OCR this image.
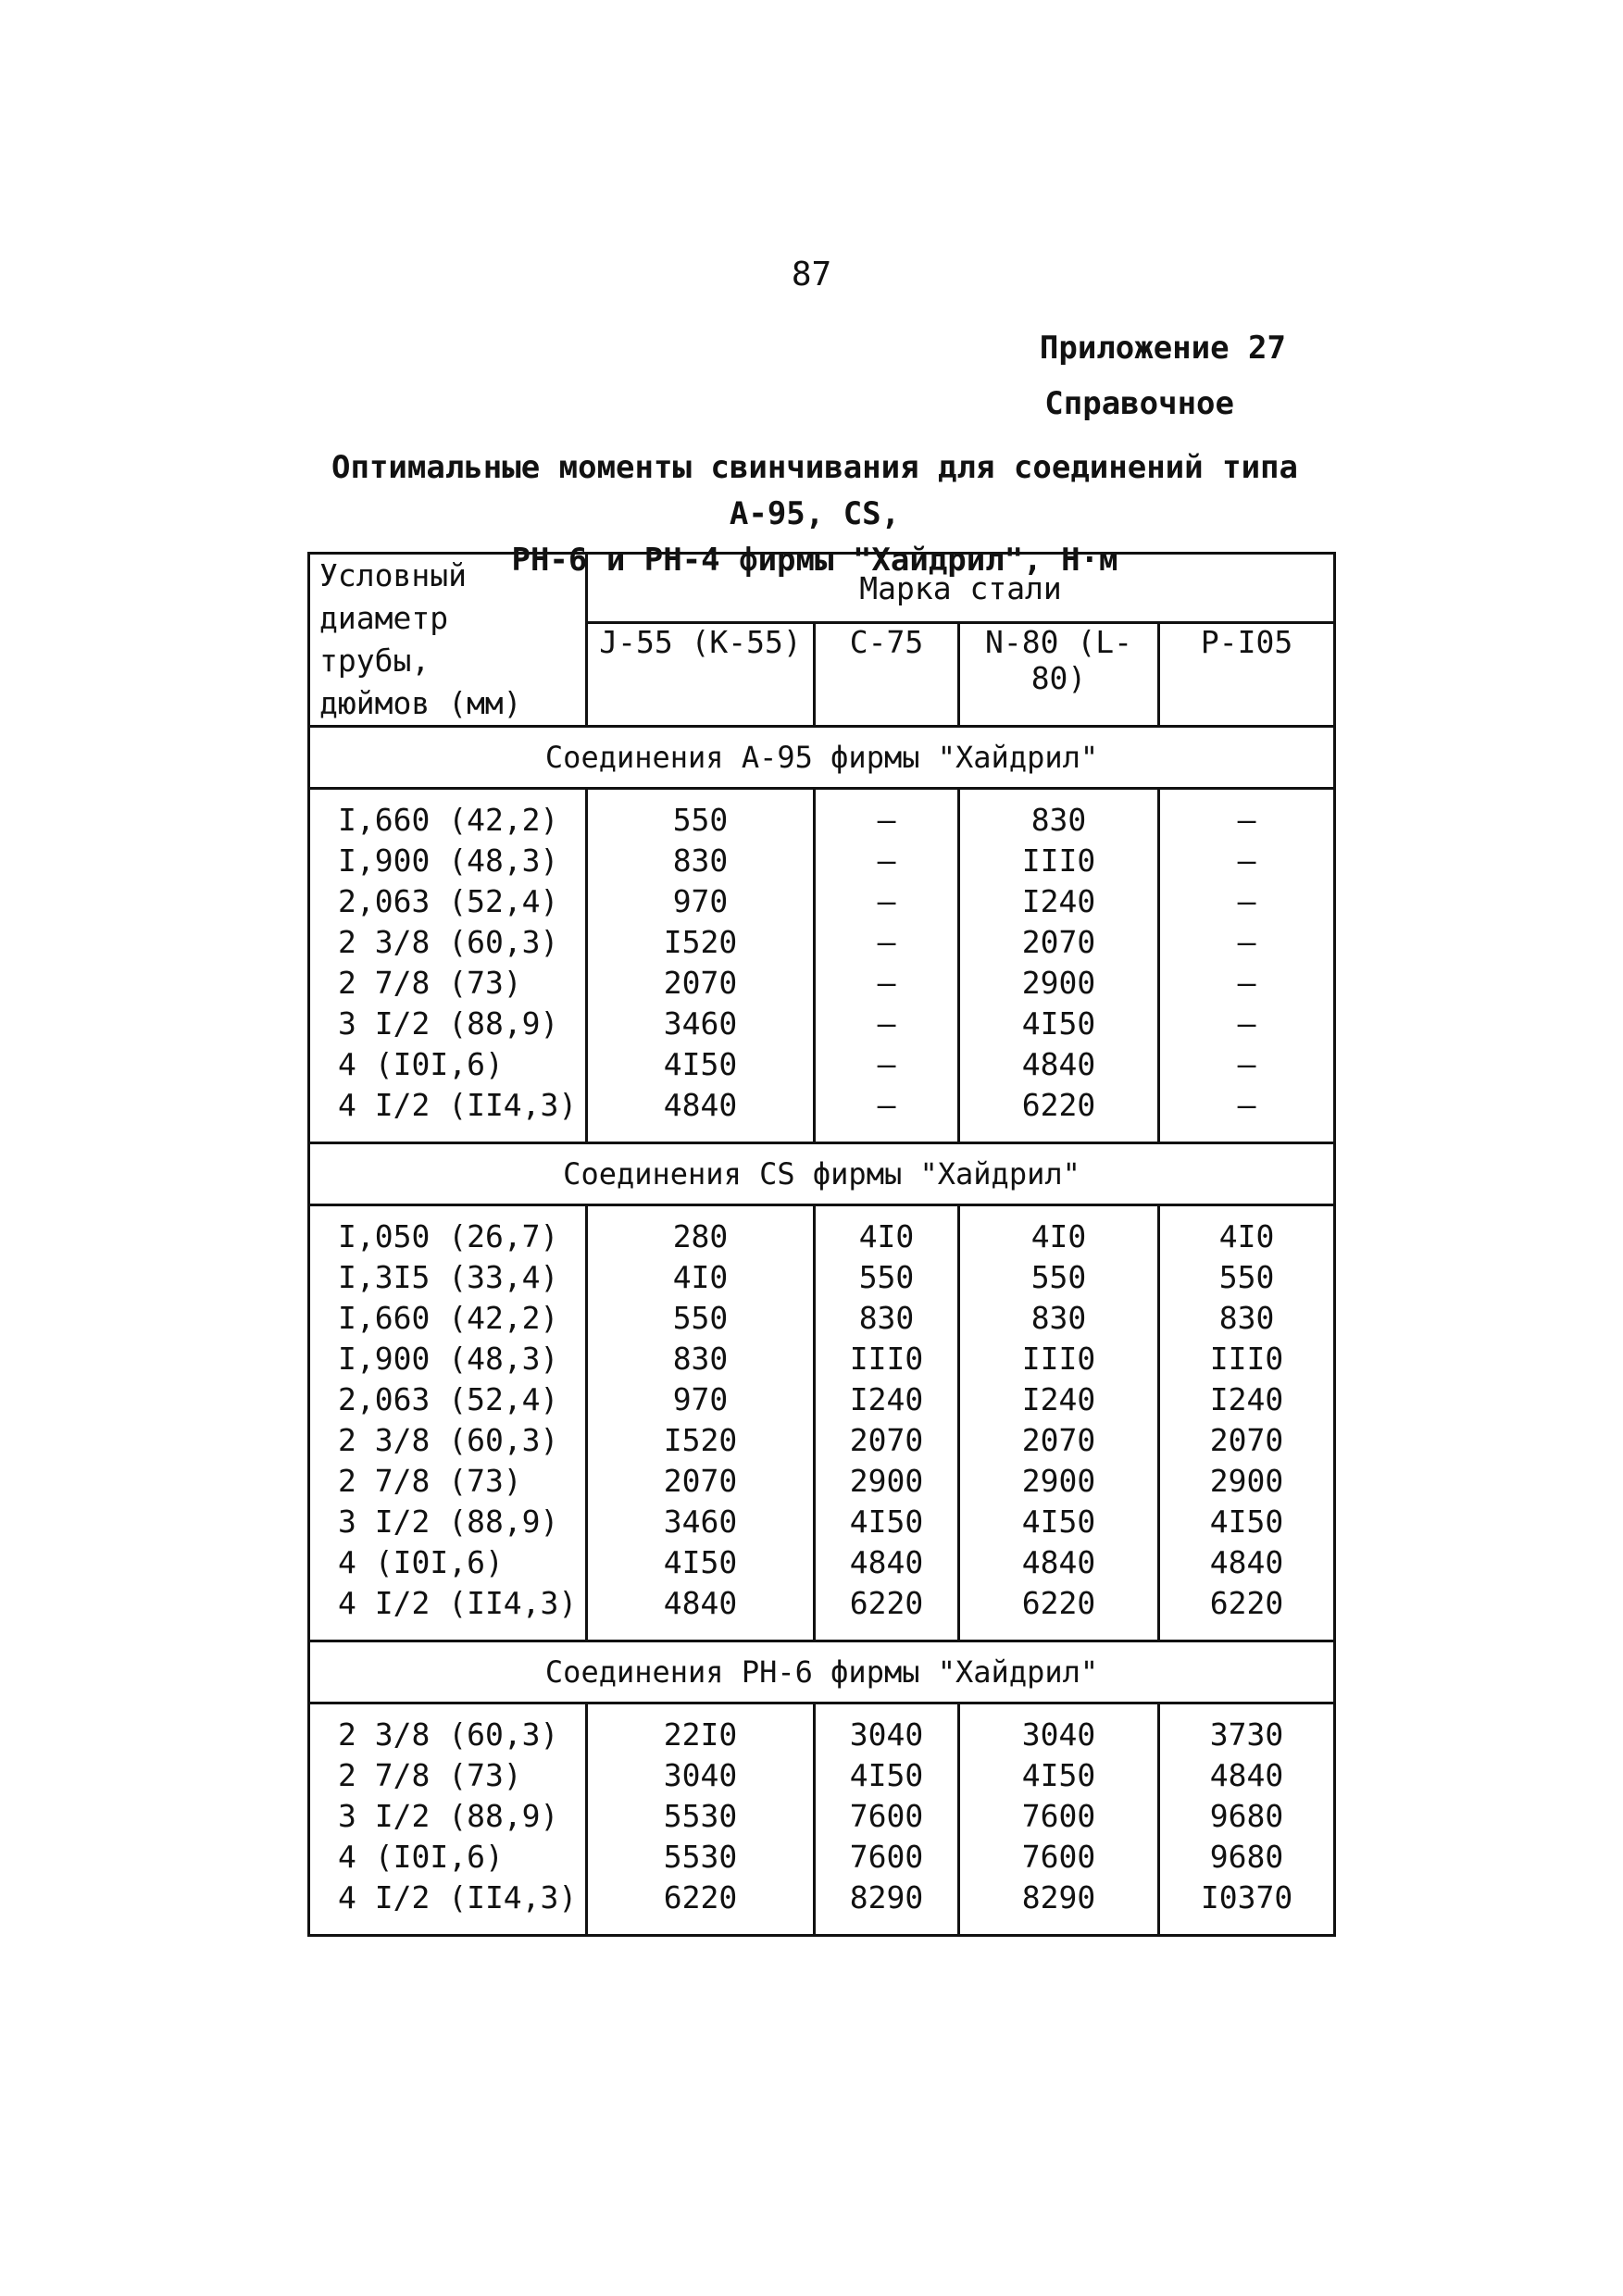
87
Приложение 27
Справочное
Оптимальные моменты свинчивания для соединений типа А-95, CS,
РН-6 и РН-4 фирмы "Хайдрил", Н·м
Условный
диаметр трубы,
дюймов (мм)	Марка стали			
	J-55 (K-55)	C-75	N-80 (L-80)	P-I05
Соединения А-95 фирмы "Хайдрил"				
I,660 (42,2)	550	–	830	–
I,900 (48,3)	830	–	III0	–
2,063 (52,4)	970	–	I240	–
2 3/8 (60,3)	I520	–	2070	–
2 7/8 (73)	2070	–	2900	–
3 I/2 (88,9)	3460	–	4I50	–
4 (I0I,6)	4I50	–	4840	–
4 I/2 (II4,3)	4840	–	6220	–
Соединения CS фирмы "Хайдрил"				
I,050 (26,7)	280	4I0	4I0	4I0
I,3I5 (33,4)	4I0	550	550	550
I,660 (42,2)	550	830	830	830
I,900 (48,3)	830	III0	III0	III0
2,063 (52,4)	970	I240	I240	I240
2 3/8 (60,3)	I520	2070	2070	2070
2 7/8 (73)	2070	2900	2900	2900
3 I/2 (88,9)	3460	4I50	4I50	4I50
4 (I0I,6)	4I50	4840	4840	4840
4 I/2 (II4,3)	4840	6220	6220	6220
Соединения РН-6 фирмы "Хайдрил"				
2 3/8 (60,3)	22I0	3040	3040	3730
2 7/8 (73)	3040	4I50	4I50	4840
3 I/2 (88,9)	5530	7600	7600	9680
4 (I0I,6)	5530	7600	7600	9680
4 I/2 (II4,3)	6220	8290	8290	I0370
